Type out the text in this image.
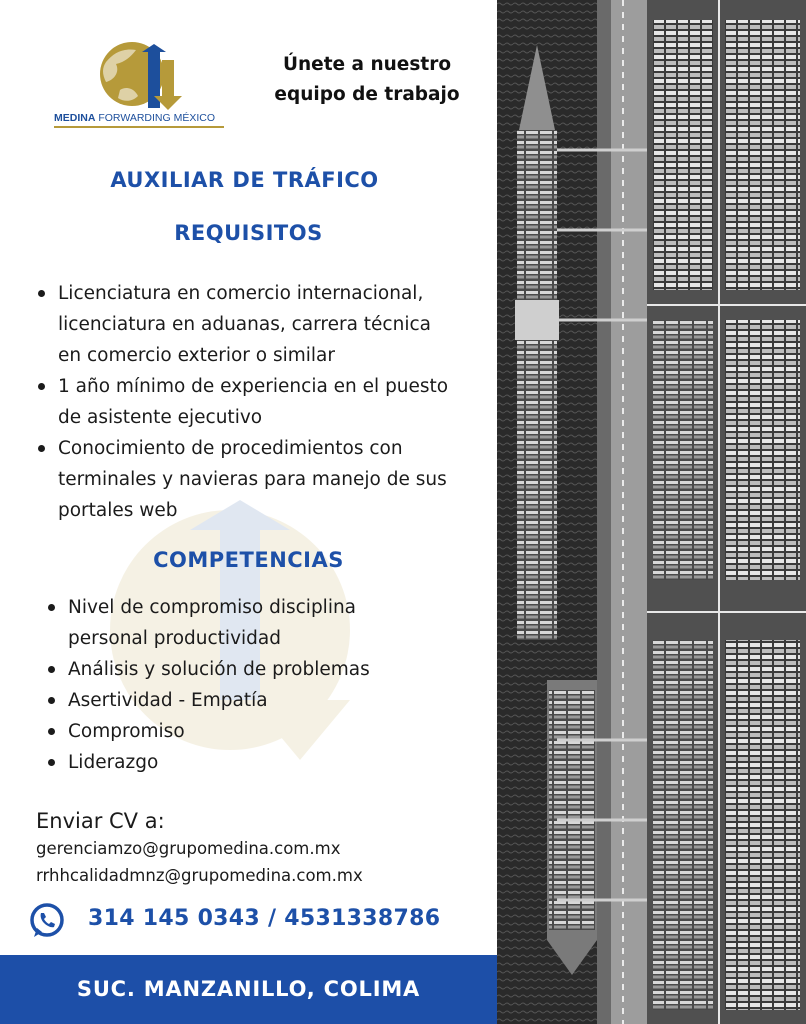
MEDINA FORWARDING MÉXICO
Únete a nuestro
equipo de trabajo
AUXILIAR DE TRÁFICO
REQUISITOS
Licenciatura en comercio internacional,
licenciatura en aduanas, carrera técnica
en comercio exterior o similar
1 año mínimo de experiencia en el puesto
de asistente ejecutivo
Conocimiento de procedimientos con
terminales y navieras para manejo de sus
portales web
COMPETENCIAS
Nivel de compromiso disciplina
personal productividad
Análisis y solución de problemas
Asertividad - Empatía
Compromiso
Liderazgo
Enviar CV a:
gerenciamzo@grupomedina.com.mx
rrhhcalidadmnz@grupomedina.com.mx
314 145 0343 / 4531338786
SUC. MANZANILLO, COLIMA
